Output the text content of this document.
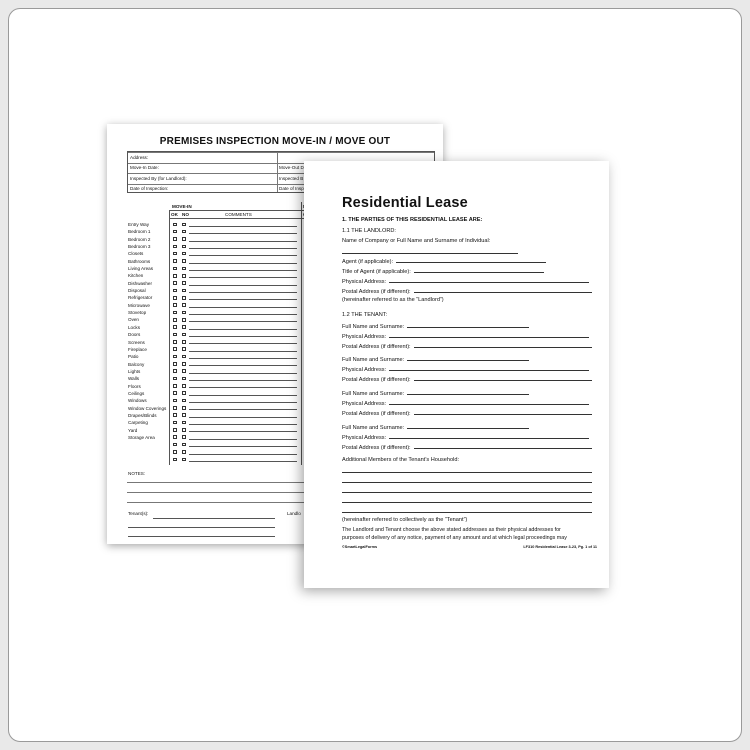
PREMISES INSPECTION MOVE-IN / MOVE OUT
Address:
Move-In Date:	Move-Out D
Inspected By (for Landlord):	Inspected B
Date of Inspection:	Date of Insp
MOVE-IN
OK NO	COMMENTS
Entry Way
Bedroom 1
Bedroom 2
Bedroom 3
Closets
Bathrooms
Living Areas
Kitchen
Dishwasher
Disposal
Refrigerator
Microwave
Stovetop
Oven
Locks
Doors
Screens
Fireplace
Patio
Balcony
Lights
Walls
Floors
Ceilings
Windows
Window Coverings
Drapes/Blinds
Carpeting
Yard
Storage Area
NOTES:
Tenant(s):	Landlo
Residential Lease
1. THE PARTIES OF THIS RESIDENTIAL LEASE ARE:
1.1 THE LANDLORD:
Name of Company or Full Name and Surname of Individual:
Agent (if applicable):
Title of Agent (if applicable):
Physical Address:
Postal Address (if different):
(hereinafter referred to as the “Landlord”)
1.2 THE TENANT:
Full Name and Surname:
Physical Address:
Postal Address (if different):
Full Name and Surname:
Physical Address:
Postal Address (if different):
Full Name and Surname:
Physical Address:
Postal Address (if different):
Full Name and Surname:
Physical Address:
Postal Address (if different):
Additional Members of the Tenant’s Household:
(hereinafter referred to collectively as the “Tenant”)
The Landlord and Tenant choose the above stated addresses as their physical addresses for
purposes of delivery of any notice, payment of any amount and at which legal proceedings may
©SmartLegalForms	LF310 Residential Lease 3-23, Pg. 1 of 11
